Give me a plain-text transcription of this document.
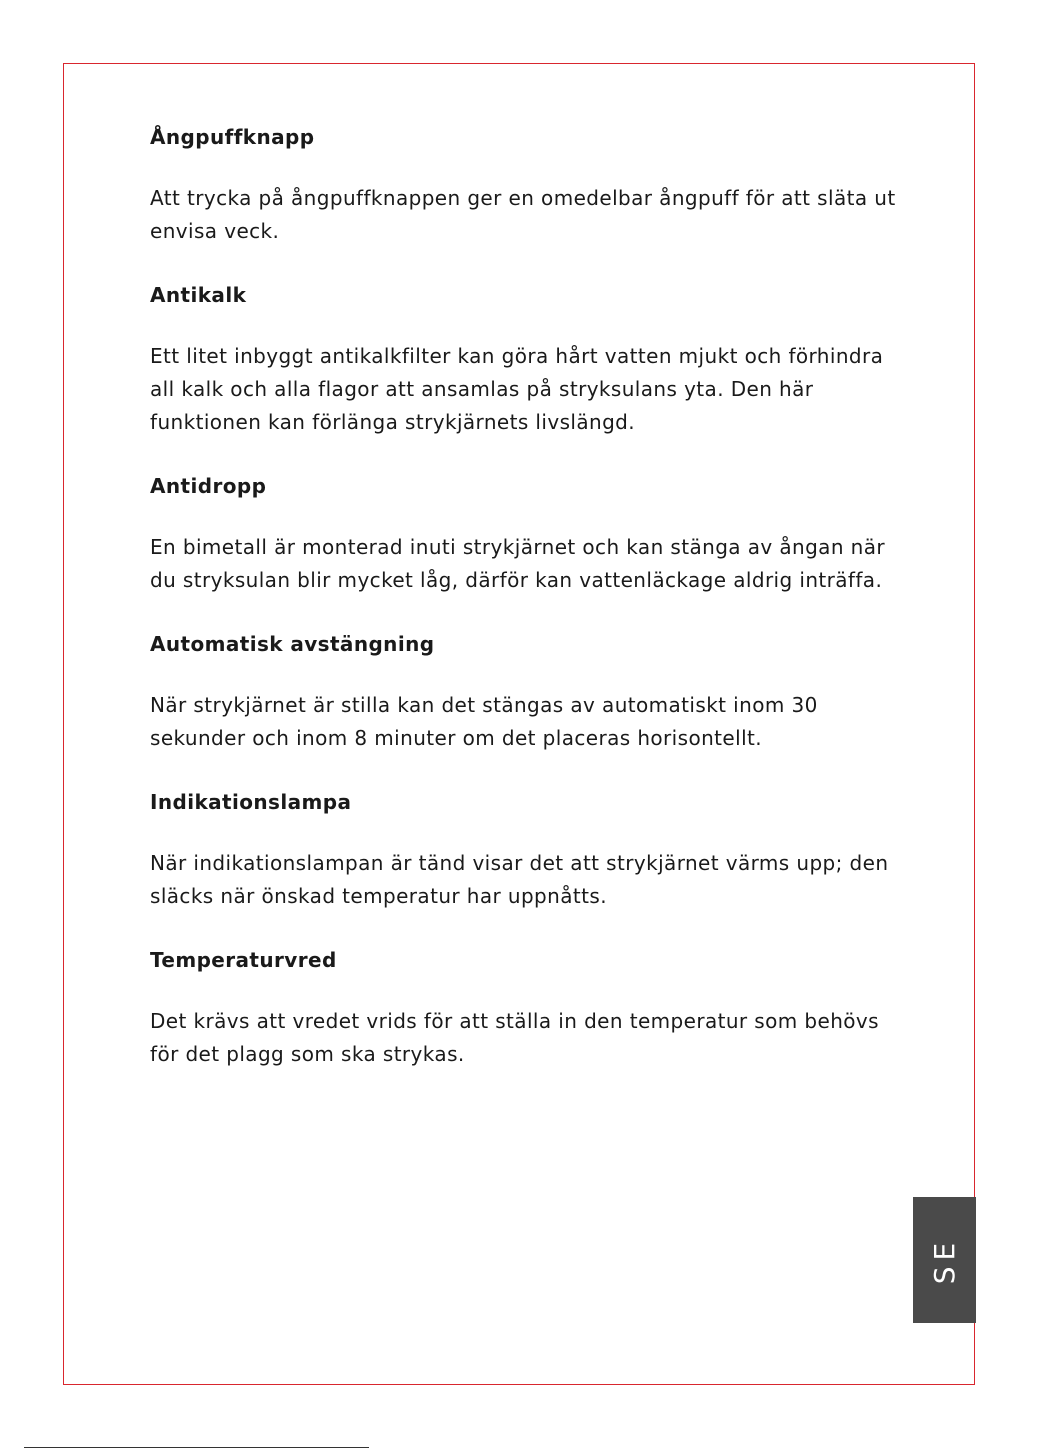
Ångpuffknapp

Att trycka på ångpuffknappen ger en omedelbar ångpuff för att släta ut envisa veck.

Antikalk

Ett litet inbyggt antikalkfilter kan göra hårt vatten mjukt och förhindra all kalk och alla flagor att ansamlas på stryksulans yta. Den här funktionen kan förlänga strykjärnets livslängd.

Antidropp

En bimetall är monterad inuti strykjärnet och kan stänga av ångan när du stryksulan blir mycket låg, därför kan vattenläckage aldrig inträffa.

Automatisk avstängning

När strykjärnet är stilla kan det stängas av automatiskt inom 30 sekunder och inom 8 minuter om det placeras horisontellt.

Indikationslampa

När indikationslampan är tänd visar det att strykjärnet värms upp; den släcks när önskad temperatur har uppnåtts.

Temperaturvred

Det krävs att vredet vrids för att ställa in den temperatur som behövs för det plagg som ska strykas.

SE
